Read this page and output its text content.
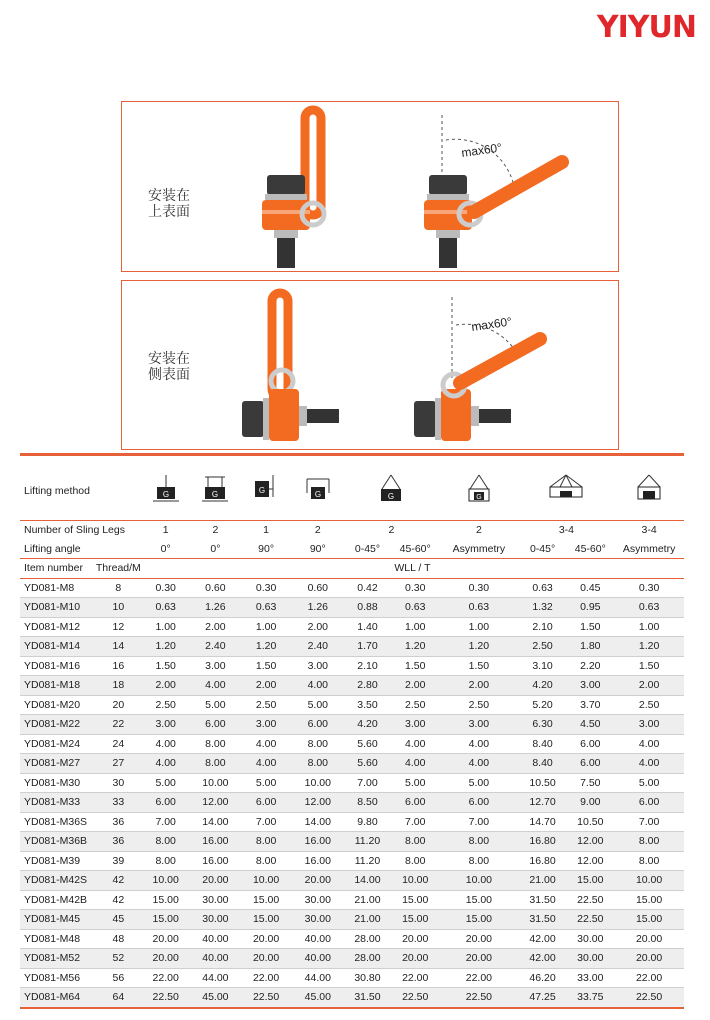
YIYUN
安装在
上表面
max60°
安装在
侧表面
max60°
Lifting method		G	G	G	G	G		G

Number of Sling Legs		1	2	1	2	2		2	3-4		3-4
Lifting angle		0°	0°	90°	90°	0-45°	45-60°	Asymmetry	0-45°	45-60°	Asymmetry
Item number	Thread/M	WLL / T									
YD081-M8	8	0.30	0.60	0.30	0.60	0.42	0.30	0.30	0.63	0.45	0.30
YD081-M10	10	0.63	1.26	0.63	1.26	0.88	0.63	0.63	1.32	0.95	0.63
YD081-M12	12	1.00	2.00	1.00	2.00	1.40	1.00	1.00	2.10	1.50	1.00
YD081-M14	14	1.20	2.40	1.20	2.40	1.70	1.20	1.20	2.50	1.80	1.20
YD081-M16	16	1.50	3.00	1.50	3.00	2.10	1.50	1.50	3.10	2.20	1.50
YD081-M18	18	2.00	4.00	2.00	4.00	2.80	2.00	2.00	4.20	3.00	2.00
YD081-M20	20	2.50	5.00	2.50	5.00	3.50	2.50	2.50	5.20	3.70	2.50
YD081-M22	22	3.00	6.00	3.00	6.00	4.20	3.00	3.00	6.30	4.50	3.00
YD081-M24	24	4.00	8.00	4.00	8.00	5.60	4.00	4.00	8.40	6.00	4.00
YD081-M27	27	4.00	8.00	4.00	8.00	5.60	4.00	4.00	8.40	6.00	4.00
YD081-M30	30	5.00	10.00	5.00	10.00	7.00	5.00	5.00	10.50	7.50	5.00
YD081-M33	33	6.00	12.00	6.00	12.00	8.50	6.00	6.00	12.70	9.00	6.00
YD081-M36S	36	7.00	14.00	7.00	14.00	9.80	7.00	7.00	14.70	10.50	7.00
YD081-M36B	36	8.00	16.00	8.00	16.00	11.20	8.00	8.00	16.80	12.00	8.00
YD081-M39	39	8.00	16.00	8.00	16.00	11.20	8.00	8.00	16.80	12.00	8.00
YD081-M42S	42	10.00	20.00	10.00	20.00	14.00	10.00	10.00	21.00	15.00	10.00
YD081-M42B	42	15.00	30.00	15.00	30.00	21.00	15.00	15.00	31.50	22.50	15.00
YD081-M45	45	15.00	30.00	15.00	30.00	21.00	15.00	15.00	31.50	22.50	15.00
YD081-M48	48	20.00	40.00	20.00	40.00	28.00	20.00	20.00	42.00	30.00	20.00
YD081-M52	52	20.00	40.00	20.00	40.00	28.00	20.00	20.00	42.00	30.00	20.00
YD081-M56	56	22.00	44.00	22.00	44.00	30.80	22.00	22.00	46.20	33.00	22.00
YD081-M64	64	22.50	45.00	22.50	45.00	31.50	22.50	22.50	47.25	33.75	22.50
